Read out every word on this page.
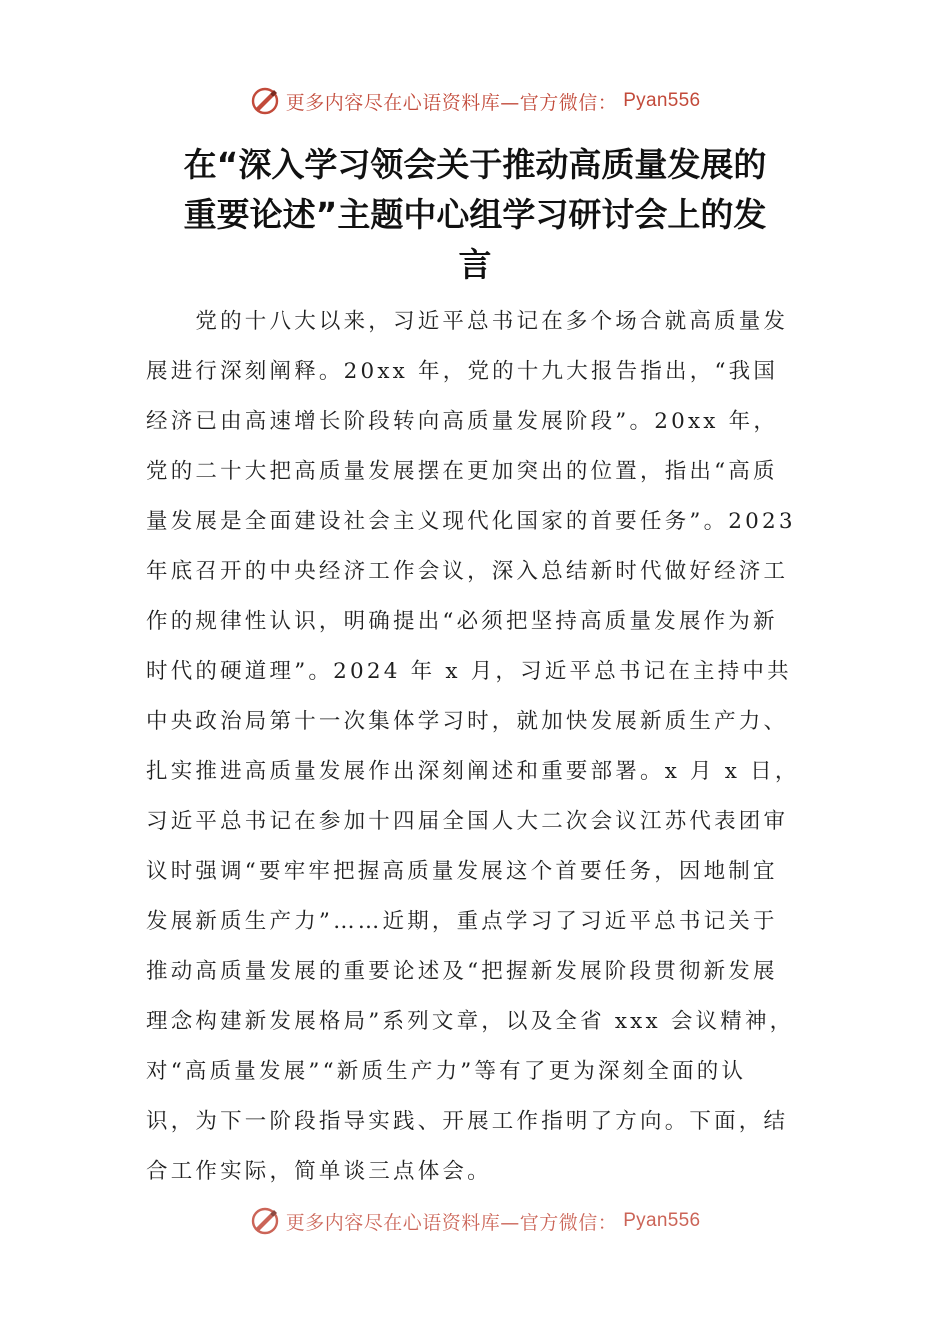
更多内容尽在心语资料库—官方微信： Pyan556
在“深入学习领会关于推动高质量发展的
重要论述”主题中心组学习研讨会上的发
言
　　党的十八大以来，习近平总书记在多个场合就高质量发
展进行深刻阐释。20xx 年，党的十九大报告指出，“我国
经济已由高速增长阶段转向高质量发展阶段”。20xx 年，
党的二十大把高质量发展摆在更加突出的位置，指出“高质
量发展是全面建设社会主义现代化国家的首要任务”。2023
年底召开的中央经济工作会议，深入总结新时代做好经济工
作的规律性认识，明确提出“必须把坚持高质量发展作为新
时代的硬道理”。2024 年 x 月，习近平总书记在主持中共
中央政治局第十一次集体学习时，就加快发展新质生产力、
扎实推进高质量发展作出深刻阐述和重要部署。x 月 x 日，
习近平总书记在参加十四届全国人大二次会议江苏代表团审
议时强调“要牢牢把握高质量发展这个首要任务，因地制宜
发展新质生产力”……近期，重点学习了习近平总书记关于
推动高质量发展的重要论述及“把握新发展阶段贯彻新发展
理念构建新发展格局”系列文章，以及全省 xxx 会议精神，
对“高质量发展”“新质生产力”等有了更为深刻全面的认
识，为下一阶段指导实践、开展工作指明了方向。下面，结
合工作实际，简单谈三点体会。
更多内容尽在心语资料库—官方微信： Pyan556
